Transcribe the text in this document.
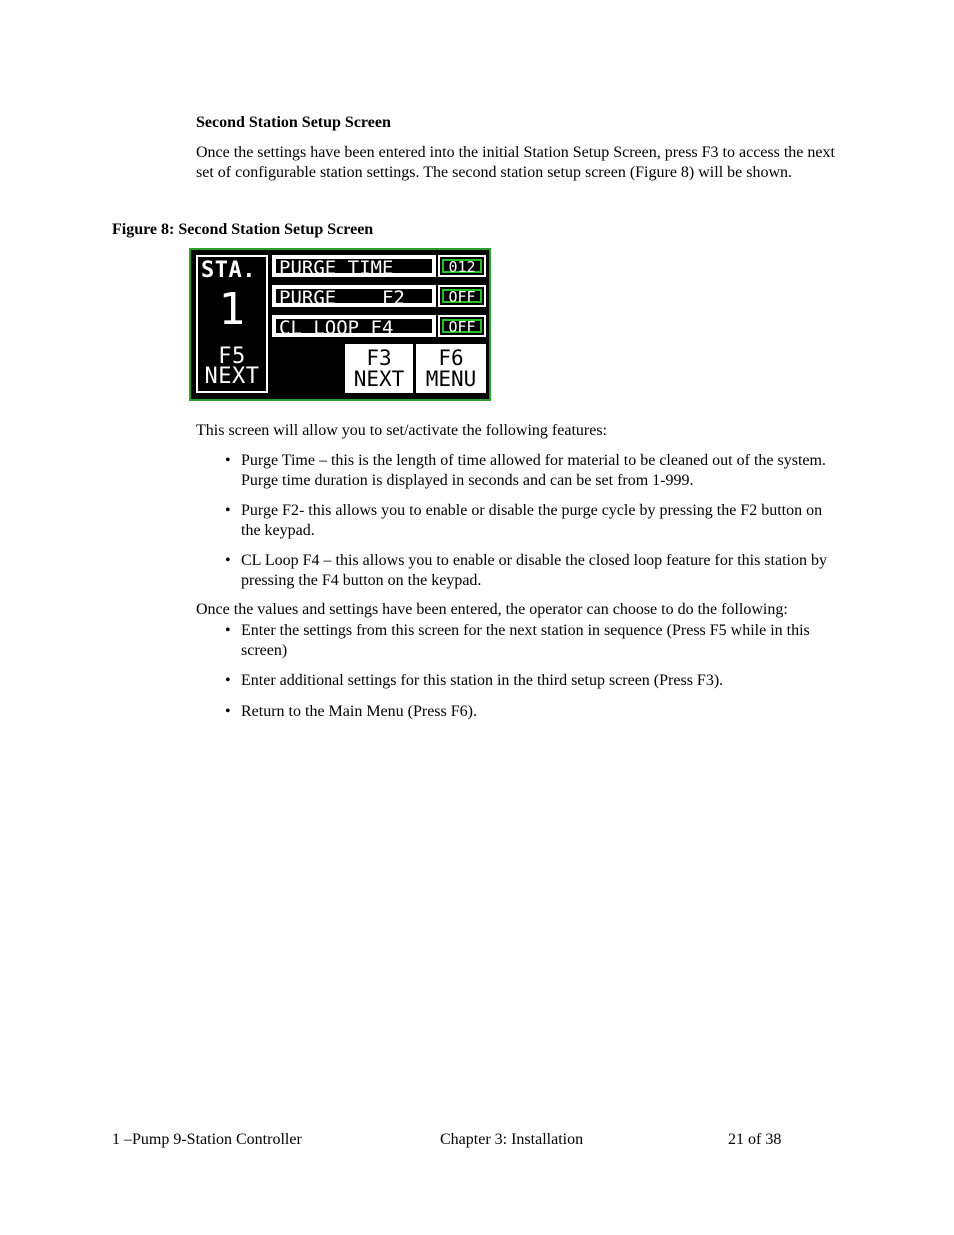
Second Station Setup Screen
Once the settings have been entered into the initial Station Setup Screen, press F3 to access the next set of configurable station settings. The second station setup screen (Figure 8) will be shown.
Figure 8: Second Station Setup Screen
STA.
1
F5
NEXT

PURGE TIME

	012

PURGE    F2

	OFF

CL LOOP F4

	OFF
F3
NEXT
F6
MENU
This screen will allow you to set/activate the following features:
• Purge Time – this is the length of time allowed for material to be cleaned out of the system. Purge time duration is displayed in seconds and can be set from 1-999.
• Purge F2- this allows you to enable or disable the purge cycle by pressing the F2 button on the keypad.
• CL Loop F4 – this allows you to enable or disable the closed loop feature for this station by pressing the F4 button on the keypad.
Once the values and settings have been entered, the operator can choose to do the following:
• Enter the settings from this screen for the next station in sequence (Press F5 while in this screen)
• Enter additional settings for this station in the third setup screen (Press F3).
• Return to the Main Menu (Press F6).
1 –Pump 9-Station Controller	Chapter 3: Installation	21 of 38
